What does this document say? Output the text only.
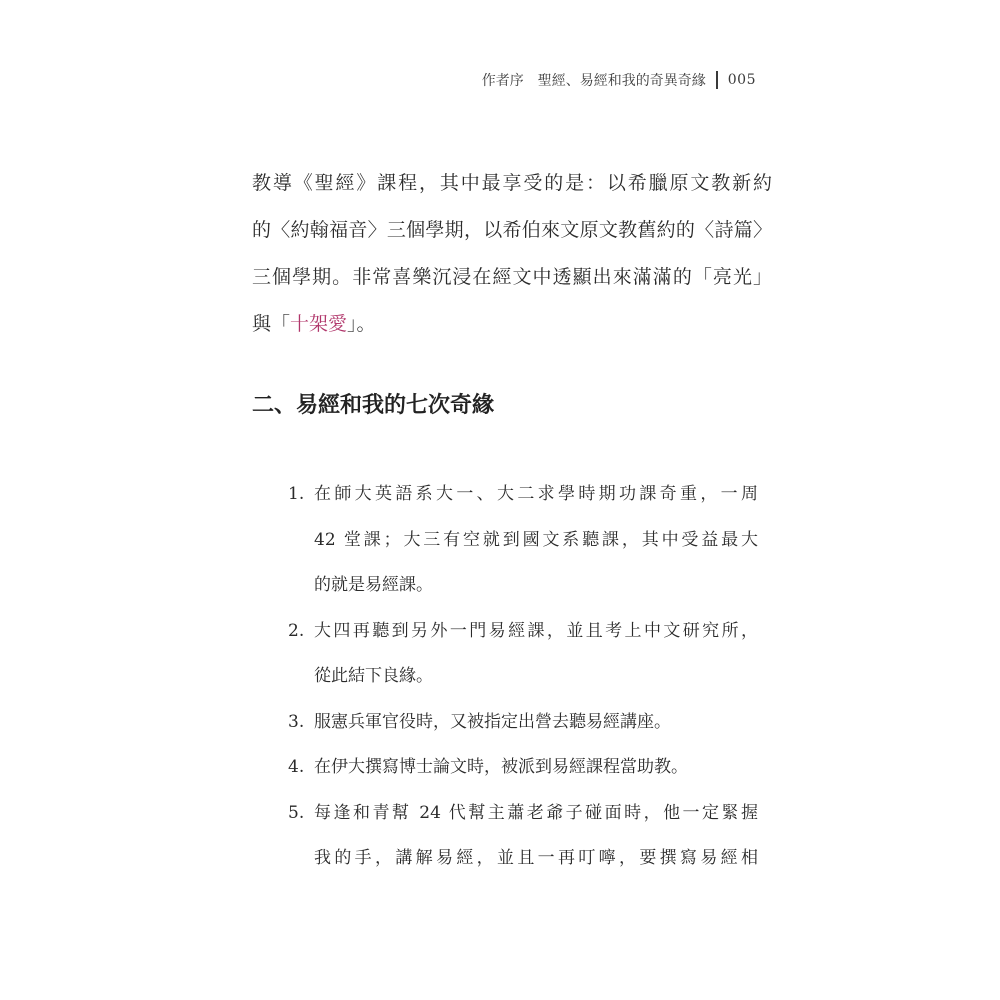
作者序　聖經、易經和我的奇異奇緣 005
教導《聖經》課程，其中最享受的是：以希臘原文教新約
的〈約翰福音〉三個學期，以希伯來文原文教舊約的〈詩篇〉
三個學期。非常喜樂沉浸在經文中透顯出來滿滿的「亮光」
與「十架愛」。
二、易經和我的七次奇緣
1. 在師大英語系大一、大二求學時期功課奇重，一周
42 堂課；大三有空就到國文系聽課，其中受益最大
的就是易經課。
2. 大四再聽到另外一門易經課，並且考上中文研究所，
從此結下良緣。
3. 服憲兵軍官役時，又被指定出營去聽易經講座。
4. 在伊大撰寫博士論文時，被派到易經課程當助教。
5. 每逢和青幫 24 代幫主蕭老爺子碰面時，他一定緊握
我的手，講解易經，並且一再叮嚀，要撰寫易經相
